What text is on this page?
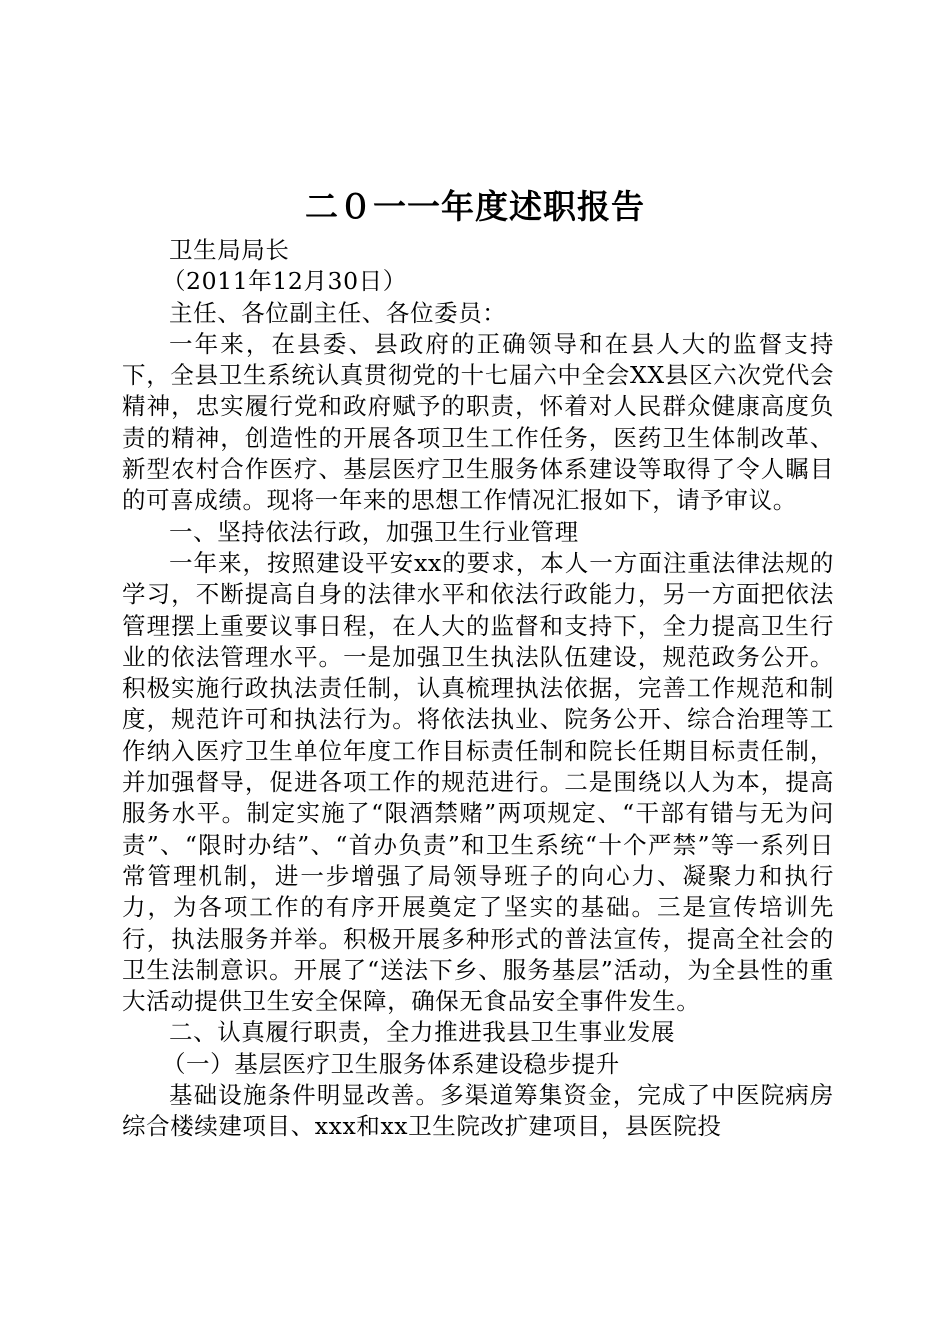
二０一一年度述职报告

卫生局局长

（2011年12月30日）

主任、各位副主任、各位委员：

一年来，在县委、县政府的正确领导和在县人大的监督支持下，全县卫生系统认真贯彻党的十七届六中全会XX县区六次党代会精神，忠实履行党和政府赋予的职责，怀着对人民群众健康高度负责的精神，创造性的开展各项卫生工作任务，医药卫生体制改革、新型农村合作医疗、基层医疗卫生服务体系建设等取得了令人瞩目的可喜成绩。现将一年来的思想工作情况汇报如下，请予审议。

一、坚持依法行政，加强卫生行业管理

一年来，按照建设平安xx的要求，本人一方面注重法律法规的学习，不断提高自身的法律水平和依法行政能力，另一方面把依法管理摆上重要议事日程，在人大的监督和支持下，全力提高卫生行业的依法管理水平。一是加强卫生执法队伍建设，规范政务公开。积极实施行政执法责任制，认真梳理执法依据，完善工作规范和制度，规范许可和执法行为。将依法执业、院务公开、综合治理等工作纳入医疗卫生单位年度工作目标责任制和院长任期目标责任制，并加强督导，促进各项工作的规范进行。二是围绕以人为本，提高服务水平。制定实施了“限酒禁赌”两项规定、“干部有错与无为问责”、“限时办结”、“首办负责”和卫生系统“十个严禁”等一系列日常管理机制，进一步增强了局领导班子的向心力、凝聚力和执行力，为各项工作的有序开展奠定了坚实的基础。三是宣传培训先行，执法服务并举。积极开展多种形式的普法宣传，提高全社会的卫生法制意识。开展了“送法下乡、服务基层”活动，为全县性的重大活动提供卫生安全保障，确保无食品安全事件发生。

二、认真履行职责，全力推进我县卫生事业发展

（一）基层医疗卫生服务体系建设稳步提升

基础设施条件明显改善。多渠道筹集资金，完成了中医院病房综合楼续建项目、xxx和xx卫生院改扩建项目，县医院投
